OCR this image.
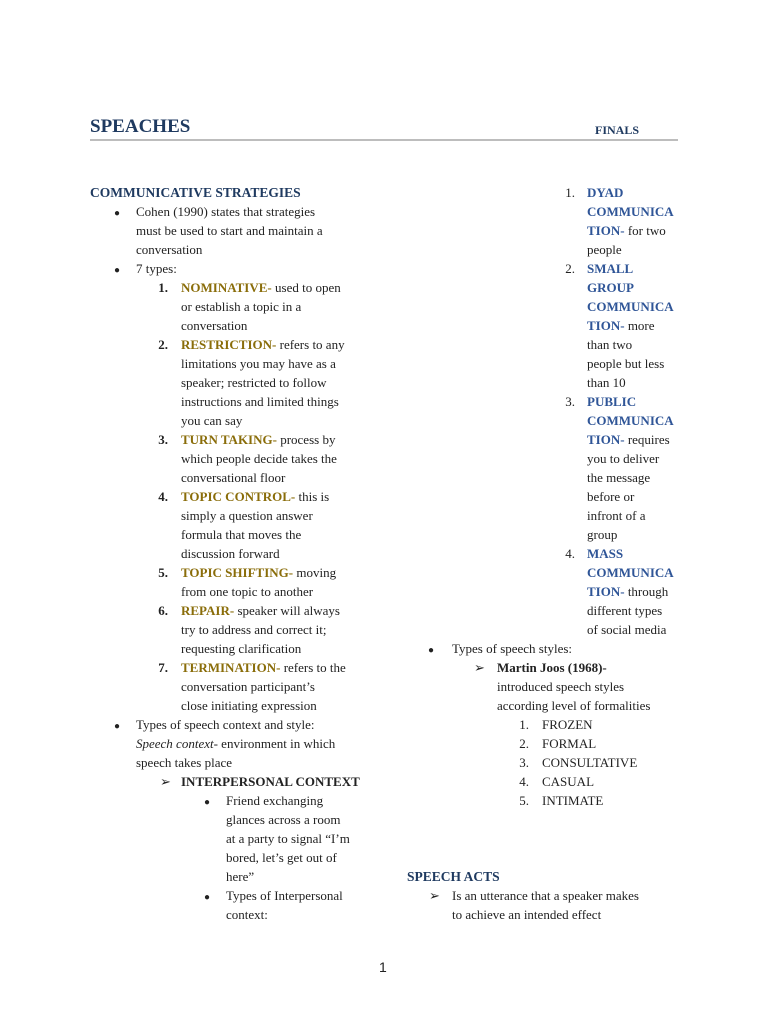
SPEACHES	FINALS
COMMUNICATIVE STRATEGIES
● Cohen (1990) states that strategies
must be used to start and maintain a
conversation
● 7 types:
1. NOMINATIVE- used to open
or establish a topic in a
conversation
2. RESTRICTION- refers to any
limitations you may have as a
speaker; restricted to follow
instructions and limited things
you can say
3. TURN TAKING- process by
which people decide takes the
conversational floor
4. TOPIC CONTROL- this is
simply a question answer
formula that moves the
discussion forward
5. TOPIC SHIFTING- moving
from one topic to another
6. REPAIR- speaker will always
try to address and correct it;
requesting clarification
7. TERMINATION- refers to the
conversation participant’s
close initiating expression
● Types of speech context and style:
Speech context- environment in which
speech takes place
➢ INTERPERSONAL CONTEXT
● Friend exchanging
glances across a room
at a party to signal “I’m
bored, let’s get out of
here”
● Types of Interpersonal
context:
1. DYAD
COMMUNICA
TION- for two
people
2. SMALL
GROUP
COMMUNICA
TION- more
than two
people but less
than 10
3. PUBLIC
COMMUNICA
TION- requires
you to deliver
the message
before or
infront of a
group
4. MASS
COMMUNICA
TION- through
different types
of social media
● Types of speech styles:
➢ Martin Joos (1968)-
introduced speech styles
according level of formalities
1. FROZEN
2. FORMAL
3. CONSULTATIVE
4. CASUAL
5. INTIMATE
SPEECH ACTS
➢ Is an utterance that a speaker makes
to achieve an intended effect
1
